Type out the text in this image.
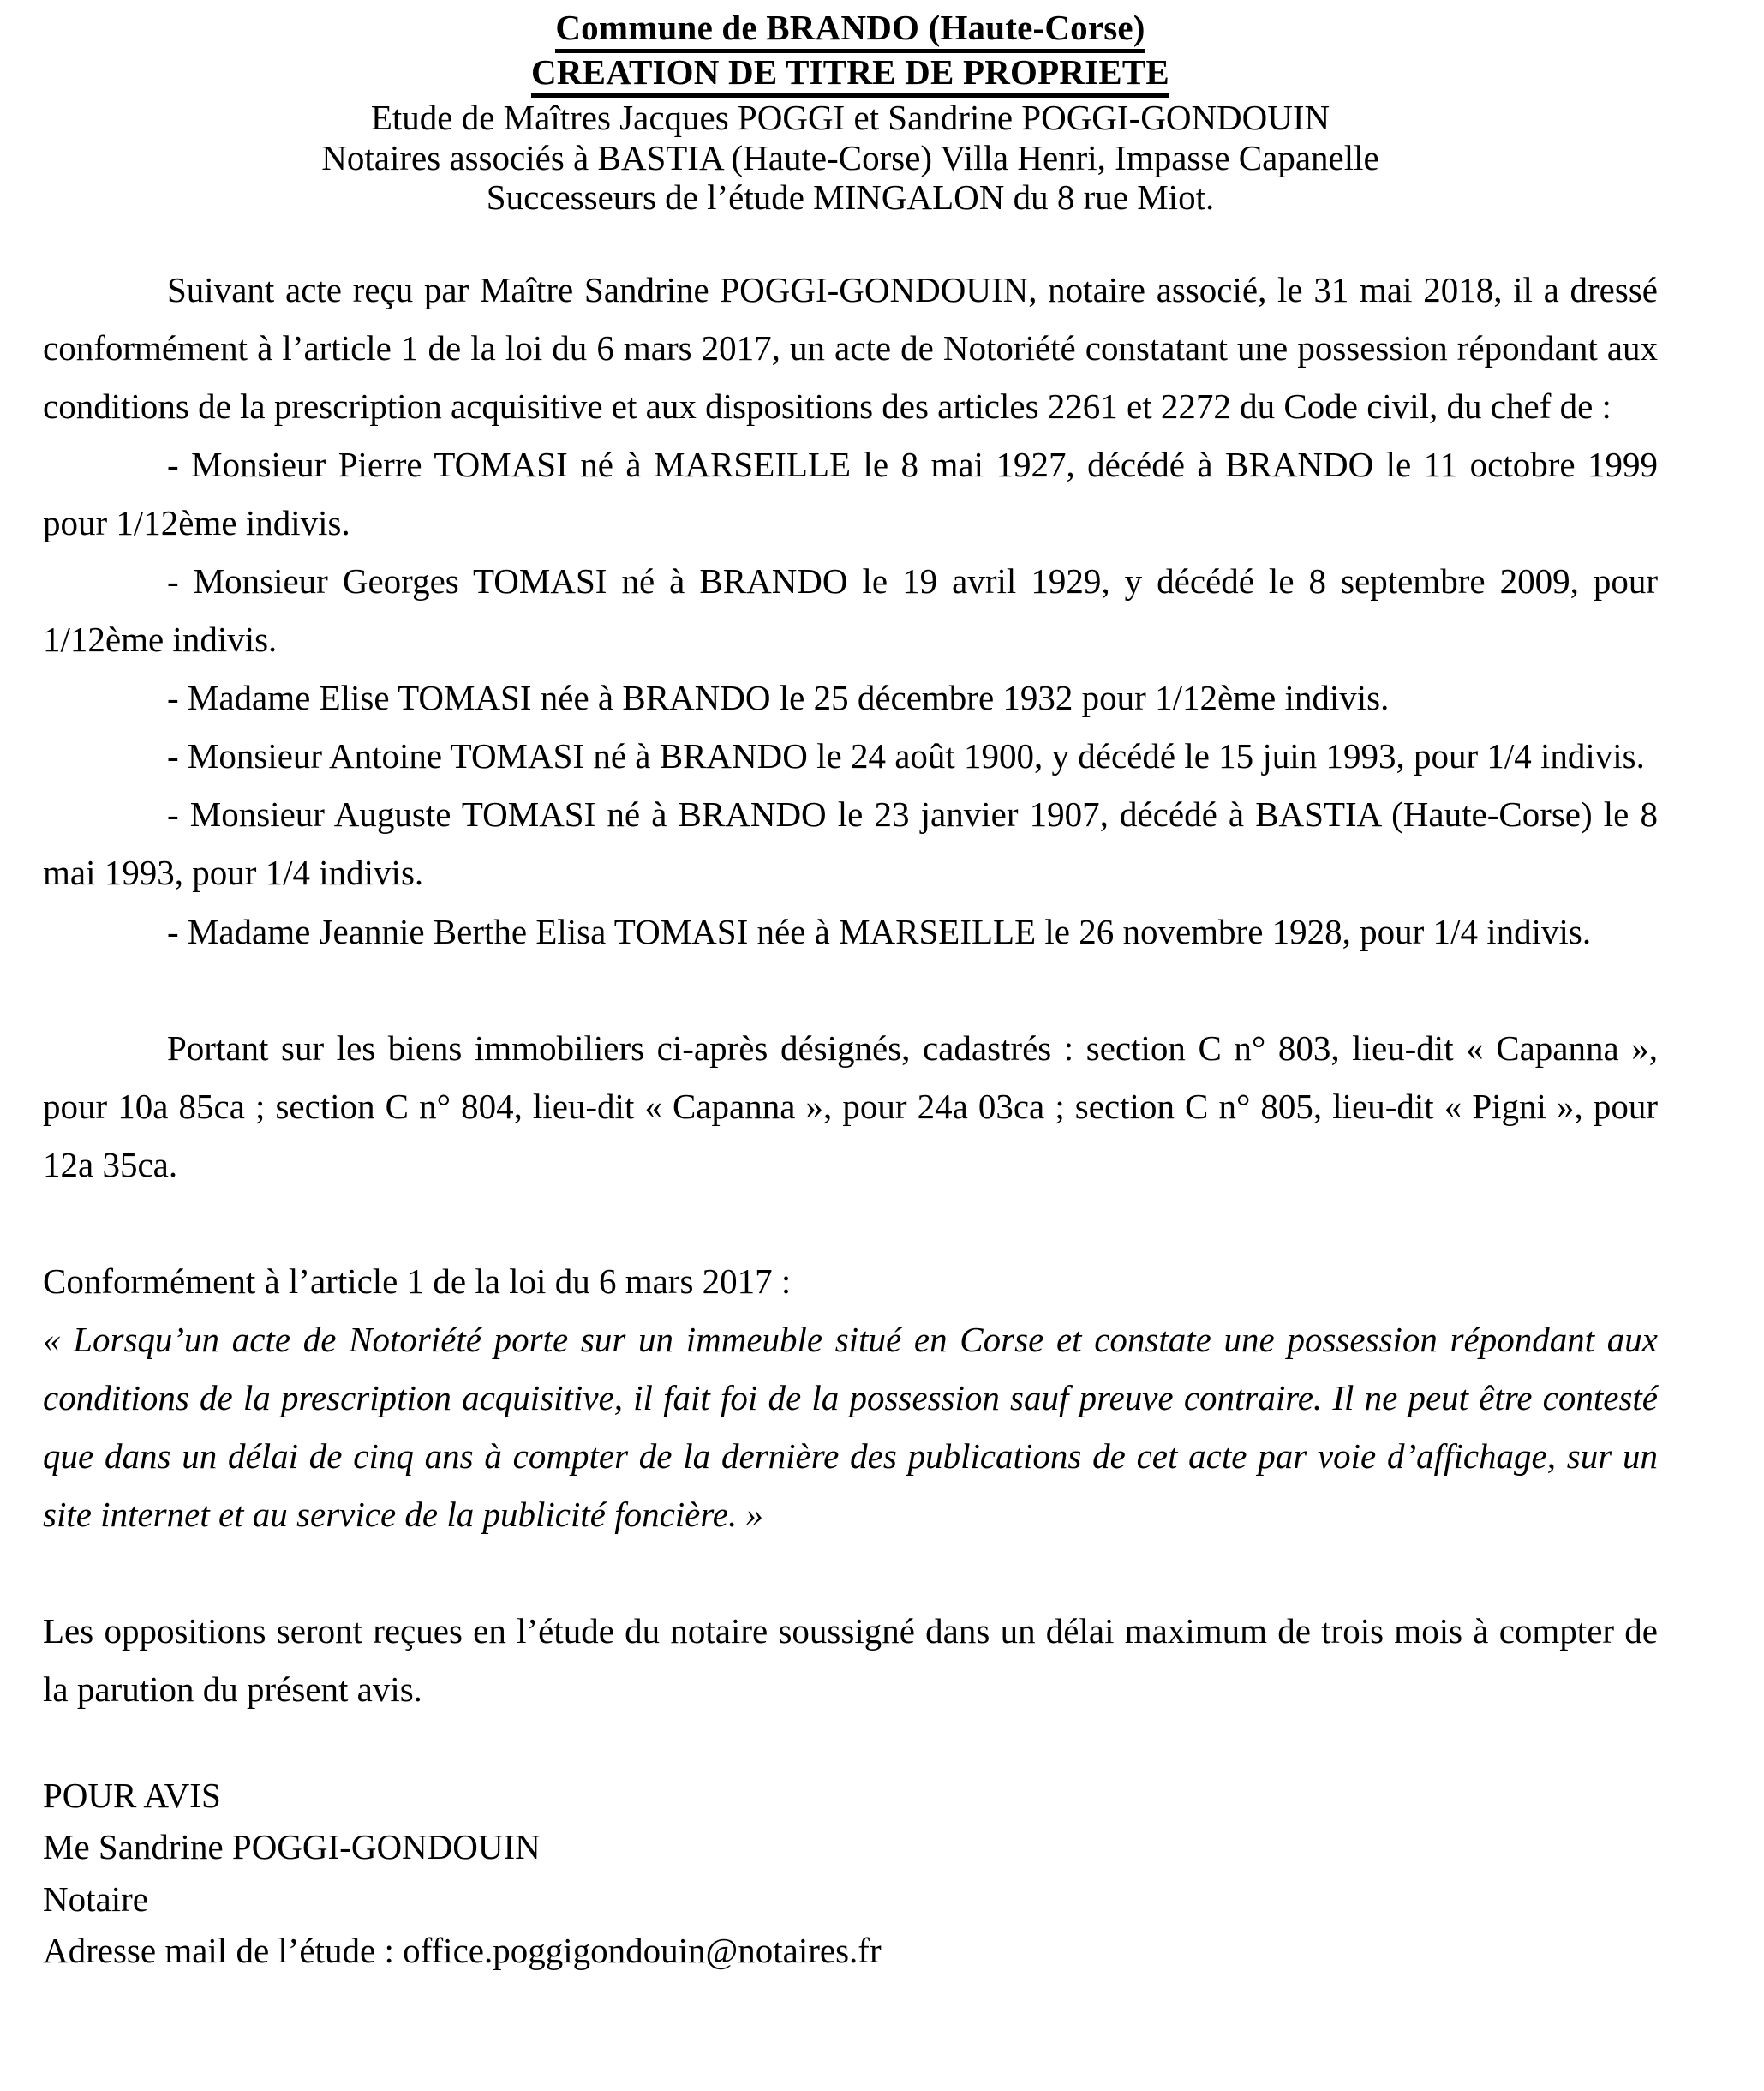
Commune de BRANDO (Haute-Corse)
CREATION DE TITRE DE PROPRIETE
Etude de Maîtres Jacques POGGI et Sandrine POGGI-GONDOUIN
Notaires associés à BASTIA (Haute-Corse) Villa Henri, Impasse Capanelle
Successeurs de l’étude MINGALON du 8 rue Miot.

Suivant acte reçu par Maître Sandrine POGGI-GONDOUIN, notaire associé, le 31 mai 2018, il a dressé conformément à l’article 1 de la loi du 6 mars 2017, un acte de Notoriété constatant une possession répondant aux conditions de la prescription acquisitive et aux dispositions des articles 2261 et 2272 du Code civil, du chef de :

- Monsieur Pierre TOMASI né à MARSEILLE le 8 mai 1927, décédé à BRANDO le 11 octobre 1999 pour 1/12ème indivis.

- Monsieur Georges TOMASI né à BRANDO le 19 avril 1929, y décédé le 8 septembre 2009, pour 1/12ème indivis.

- Madame Elise TOMASI née à BRANDO le 25 décembre 1932 pour 1/12ème indivis.

- Monsieur Antoine TOMASI né à BRANDO le 24 août 1900, y décédé le 15 juin 1993, pour 1/4 indivis.

- Monsieur Auguste TOMASI né à BRANDO le 23 janvier 1907, décédé à BASTIA (Haute-Corse) le 8 mai 1993, pour 1/4 indivis.

- Madame Jeannie Berthe Elisa TOMASI née à MARSEILLE le 26 novembre 1928, pour 1/4 indivis.

Portant sur les biens immobiliers ci-après désignés, cadastrés : section C n° 803, lieu-dit « Capanna », pour 10a 85ca ; section C n° 804, lieu-dit « Capanna », pour 24a 03ca ; section C n° 805, lieu-dit « Pigni », pour 12a 35ca.

Conformément à l’article 1 de la loi du 6 mars 2017 :

« Lorsqu’un acte de Notoriété porte sur un immeuble situé en Corse et constate une possession répondant aux conditions de la prescription acquisitive, il fait foi de la possession sauf preuve contraire. Il ne peut être contesté que dans un délai de cinq ans à compter de la dernière des publications de cet acte par voie d’affichage, sur un site internet et au service de la publicité foncière. »

Les oppositions seront reçues en l’étude du notaire soussigné dans un délai maximum de trois mois à compter de la parution du présent avis.

POUR AVIS

Me Sandrine POGGI-GONDOUIN

Notaire

Adresse mail de l’étude : office.poggigondouin@notaires.fr
